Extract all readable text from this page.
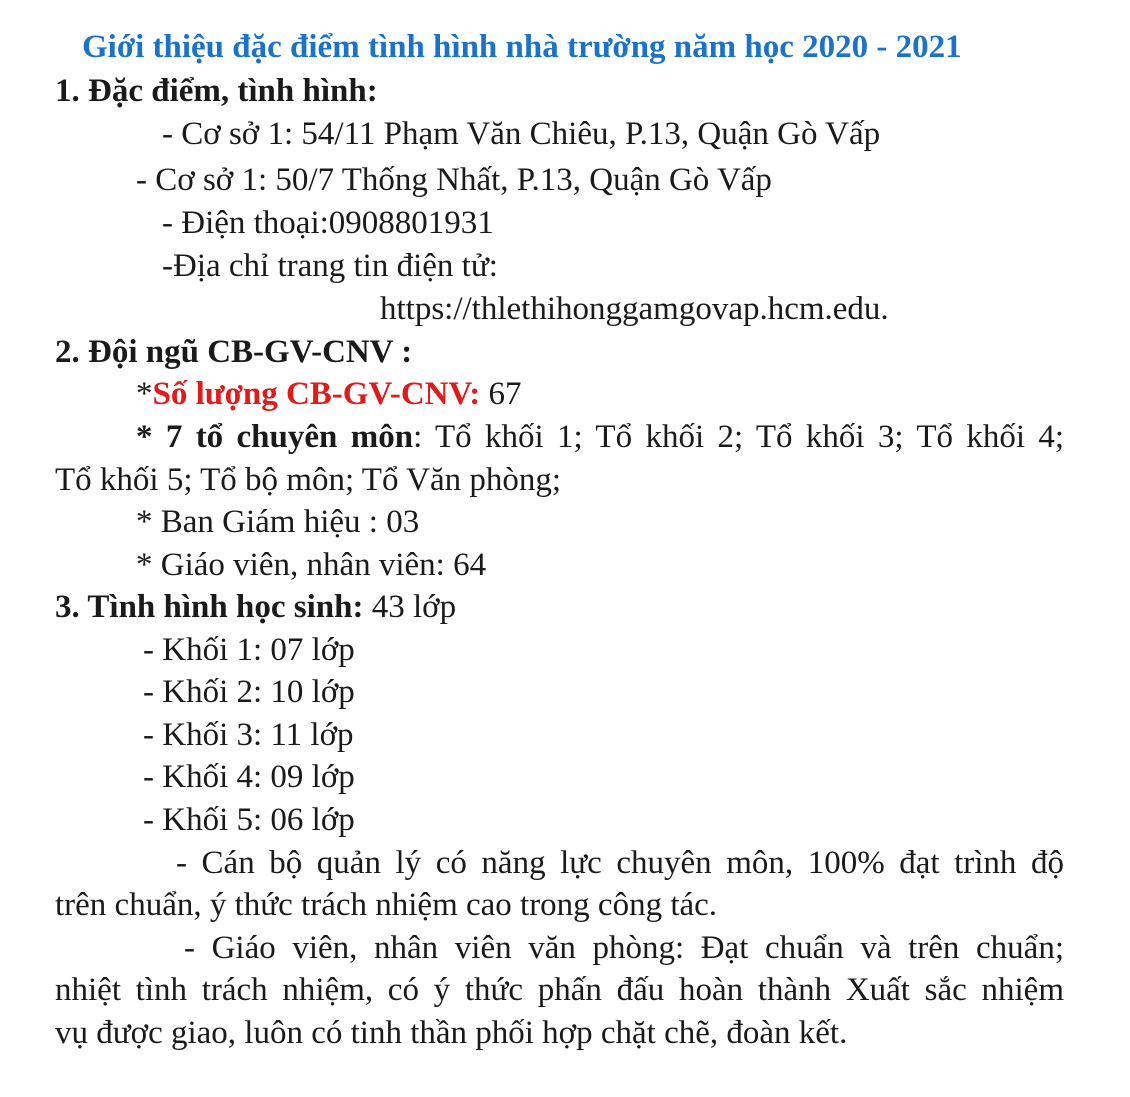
Giới thiệu đặc điểm tình hình nhà trường năm học 2020 - 2021
1. Đặc điểm, tình hình:
- Cơ sở 1: 54/11 Phạm Văn Chiêu, P.13, Quận Gò Vấp
- Cơ sở 1: 50/7 Thống Nhất, P.13, Quận Gò Vấp
- Điện thoại:0908801931
-Địa chỉ trang tin điện tử:
https://thlethihonggamgovap.hcm.edu.
2. Đội ngũ CB-GV-CNV :
*Số lượng CB-GV-CNV: 67
* 7 tổ chuyên môn: Tổ khối 1; Tổ khối 2; Tổ khối 3; Tổ khối 4;
Tổ khối 5; Tổ bộ môn; Tổ Văn phòng;
* Ban Giám hiệu : 03
* Giáo viên, nhân viên: 64
3. Tình hình học sinh: 43 lớp
- Khối 1: 07 lớp
- Khối 2: 10 lớp
- Khối 3: 11 lớp
- Khối 4: 09 lớp
- Khối 5: 06 lớp
- Cán bộ quản lý có năng lực chuyên môn, 100% đạt trình độ
trên chuẩn, ý thức trách nhiệm cao trong công tác.
- Giáo viên, nhân viên văn phòng: Đạt chuẩn và trên chuẩn;
nhiệt tình trách nhiệm, có ý thức phấn đấu hoàn thành Xuất sắc nhiệm
vụ được giao, luôn có tinh thần phối hợp chặt chẽ, đoàn kết.
